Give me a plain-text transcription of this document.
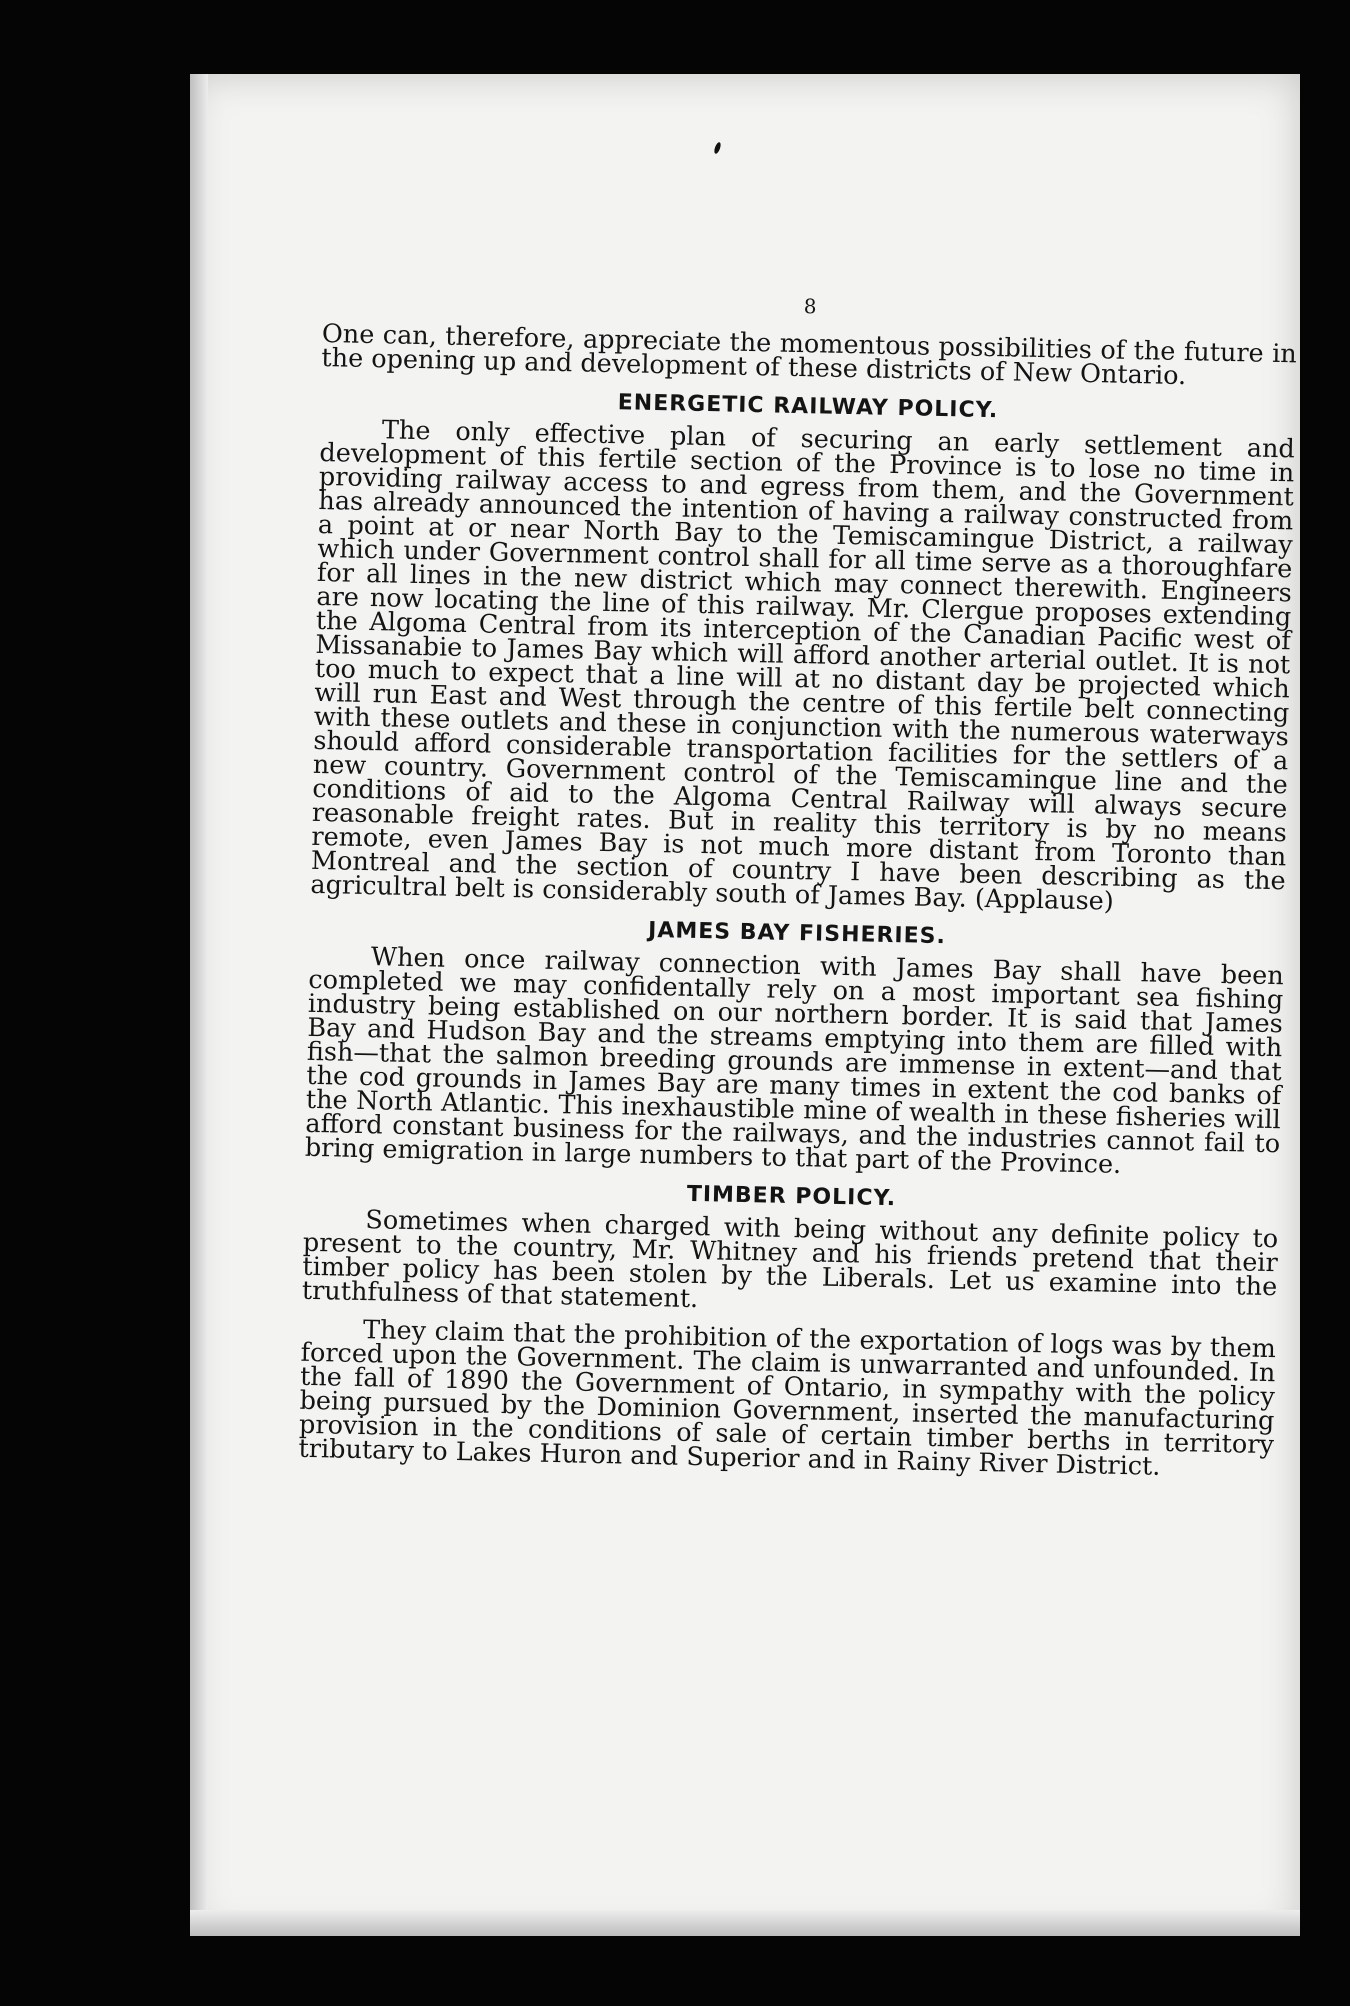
8

One can, therefore, appreciate the momentous possibilities of the future in the opening up and development of these districts of New Ontario.

ENERGETIC RAILWAY POLICY.

The only effective plan of securing an early settlement and development of this fertile section of the Province is to lose no time in providing railway access to and egress from them, and the Government has already announced the intention of having a railway constructed from a point at or near North Bay to the Temiscamingue District, a railway which under Government control shall for all time serve as a thoroughfare for all lines in the new district which may connect therewith. Engineers are now locating the line of this railway. Mr. Clergue proposes extending the Algoma Central from its interception of the Canadian Pacific west of Missanabie to James Bay which will afford another arterial outlet. It is not too much to expect that a line will at no distant day be projected which will run East and West through the centre of this fertile belt connecting with these outlets and these in conjunction with the numerous waterways should afford considerable transportation facilities for the settlers of a new country. Government control of the Temiscamingue line and the conditions of aid to the Algoma Central Railway will always secure reasonable freight rates. But in reality this territory is by no means remote, even James Bay is not much more distant from Toronto than Montreal and the section of country I have been describing as the agricultral belt is considerably south of James Bay. (Applause)

JAMES BAY FISHERIES.

When once railway connection with James Bay shall have been completed we may confidentally rely on a most important sea fishing industry being established on our northern border. It is said that James Bay and Hudson Bay and the streams emptying into them are filled with fish—that the salmon breeding grounds are immense in extent—and that the cod grounds in James Bay are many times in extent the cod banks of the North Atlantic. This inexhaustible mine of wealth in these fisheries will afford constant business for the railways, and the industries cannot fail to bring emigration in large numbers to that part of the Province.

TIMBER POLICY.

Sometimes when charged with being without any definite policy to present to the country, Mr. Whitney and his friends pretend that their timber policy has been stolen by the Liberals. Let us examine into the truthfulness of that statement.

They claim that the prohibition of the exportation of logs was by them forced upon the Government. The claim is unwarranted and unfounded. In the fall of 1890 the Government of Ontario, in sympathy with the policy being pursued by the Dominion Government, inserted the manufacturing provision in the conditions of sale of certain timber berths in territory tributary to Lakes Huron and Superior and in Rainy River District.
